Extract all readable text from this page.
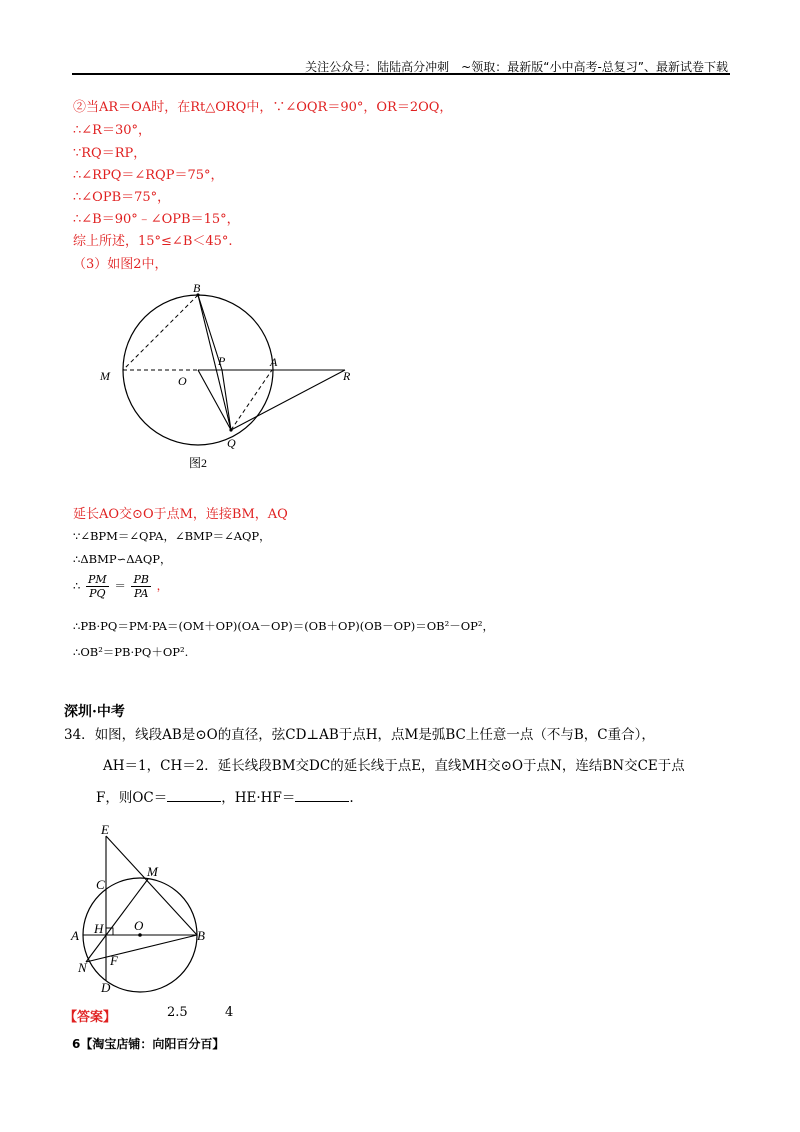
关注公众号：陆陆高分冲刺　~领取：最新版“小中高考-总复习”、最新试卷下载
②当AR＝OA时，在Rt△ORQ中，∵∠OQR＝90°，OR＝2OQ，
∴∠R＝30°，
∵RQ＝RP，
∴∠RPQ＝∠RQP＝75°，
∴∠OPB＝75°，
∴∠B＝90°﹣∠OPB＝15°，
综上所述，15°≤∠B＜45°.
（3）如图2中，
B
P	A
M	O	R
Q
图2
延长AO交⊙O于点M，连接BM，AQ
∵∠BPM＝∠QPA，∠BMP＝∠AQP，
∴ΔBMP∽ΔAQP，
∴ $\frac{PM}{PQ} = \frac{PB}{PA}$ ，
∴PB·PQ＝PM·PA＝(OM＋OP)(OA－OP)＝(OB＋OP)(OB－OP)＝OB²－OP²，
∴OB²＝PB·PQ＋OP².
深圳·中考
34．如图，线段AB是⊙O的直径，弦CD⊥AB于点H，点M是弧BC上任意一点（不与B，C重合），
AH＝1，CH＝2．延长线段BM交DC的延长线于点E，直线MH交⊙O于点N，连结BN交CE于点
F，则OC＝	，HE·HF＝	.
E
C
M
H O
A	B
N F
D
【答案】	2.5	4
6【淘宝店铺：向阳百分百】
